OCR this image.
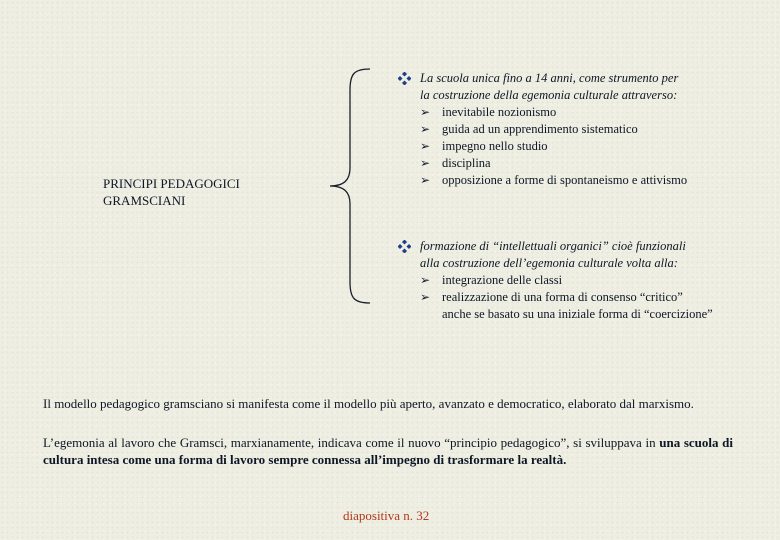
PRINCIPI PEDAGOGICI
GRAMSCIANI
La scuola unica fino a 14 anni, come strumento per
la costruzione della egemonia culturale attraverso:
➢ inevitabile nozionismo
➢ guida ad un apprendimento sistematico
➢ impegno nello studio
➢ disciplina
➢ opposizione a forme di spontaneismo e attivismo
formazione di “intellettuali organici” cioè funzionali
alla costruzione dell’egemonia culturale volta alla:
➢ integrazione delle classi
➢ realizzazione di una forma di consenso “critico”
anche se basato su una iniziale forma di “coercizione”
Il modello pedagogico gramsciano si manifesta come il modello più aperto, avanzato e democratico, elaborato dal marxismo.
L’egemonia al lavoro che Gramsci, marxianamente, indicava come il nuovo “principio pedagogico”, si sviluppava in una scuola di cultura intesa come una forma di lavoro sempre connessa all’impegno di trasformare la realtà.
diapositiva n. 32
